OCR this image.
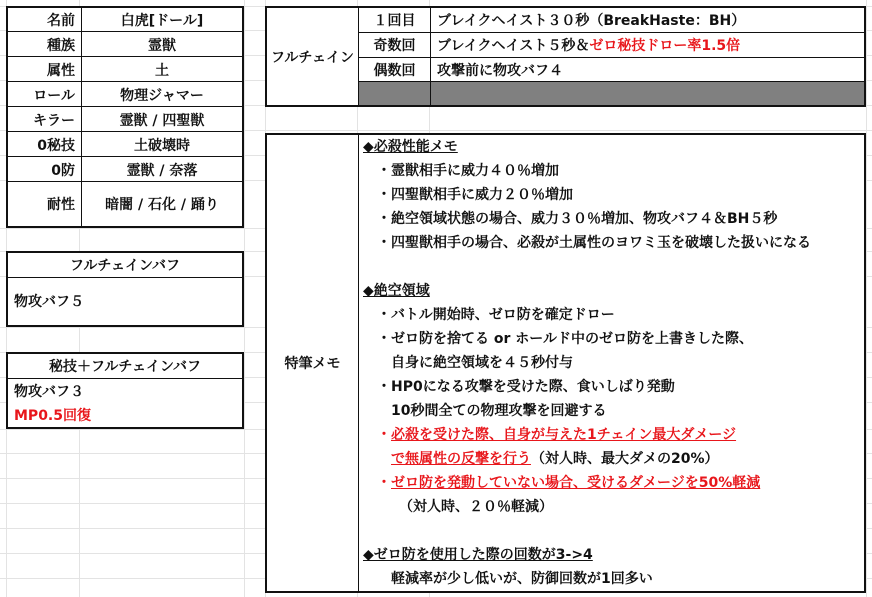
名前	白虎[ドール]
種族	霊獣
属性	土
ロール	物理ジャマー
キラー	霊獣 / 四聖獣
0秘技	土破壊時
0防	霊獣 / 奈落
耐性	暗闇 / 石化 / 踊り
フルチェインバフ
物攻バフ５
秘技＋フルチェインバフ
物攻バフ３
MP0.5回復
フルチェイン
１回目	ブレイクヘイスト３０秒（BreakHaste：BH）
奇数回	ブレイクヘイスト５秒＆ ゼロ秘技ドロー率1.5倍
偶数回	攻撃前に物攻バフ４
特筆メモ
◆必殺性能メモ
・霊獣相手に威力４０％増加
・四聖獣相手に威力２０％増加
・絶空領域状態の場合、威力３０％増加、物攻バフ４＆BH５秒
・四聖獣相手の場合、必殺が土属性のヨワミ玉を破壊した扱いになる
◆絶空領域
・バトル開始時、ゼロ防を確定ドロー
・ゼロ防を捨てる or ホールド中のゼロ防を上書きした際、
自身に絶空領域を４５秒付与
・HP0になる攻撃を受けた際、食いしばり発動
10秒間全ての物理攻撃を回避する
・必殺を受けた際、自身が与えた1チェイン最大ダメージ
で無属性の反撃を行う（対人時、最大ダメの20%）
・ゼロ防を発動していない場合、受けるダメージを50%軽減
（対人時、２０％軽減）
◆ゼロ防を使用した際の回数が3->4
軽減率が少し低いが、防御回数が1回多い
